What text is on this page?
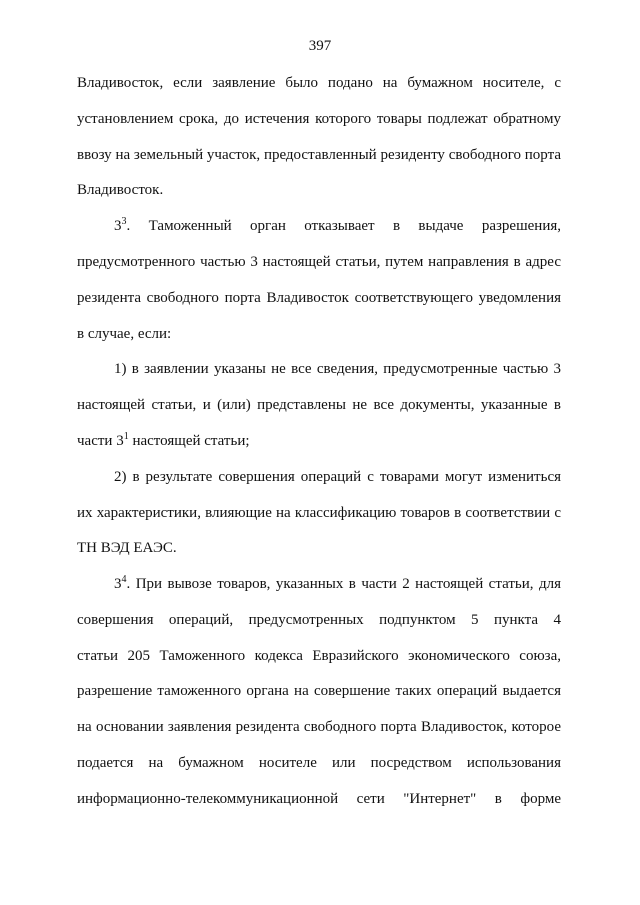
397
Владивосток, если заявление было подано на бумажном носителе, с
установлением срока, до истечения которого товары подлежат обратному
ввозу на земельный участок, предоставленный резиденту свободного порта
Владивосток.
$3^3$. Таможенный орган отказывает в выдаче разрешения,
предусмотренного частью 3 настоящей статьи, путем направления в адрес
резидента свободного порта Владивосток соответствующего уведомления
в случае, если:
1) в заявлении указаны не все сведения, предусмотренные частью 3
настоящей статьи, и (или) представлены не все документы, указанные в
части $3^1$ настоящей статьи;
2) в результате совершения операций с товарами могут измениться
их характеристики, влияющие на классификацию товаров в соответствии с
ТН ВЭД ЕАЭС.
$3^4$. При вывозе товаров, указанных в части 2 настоящей статьи, для
совершения операций, предусмотренных подпунктом 5 пункта 4
статьи 205 Таможенного кодекса Евразийского экономического союза,
разрешение таможенного органа на совершение таких операций выдается
на основании заявления резидента свободного порта Владивосток, которое
подается на бумажном носителе или посредством использования
информационно-телекоммуникационной сети "Интернет" в форме
